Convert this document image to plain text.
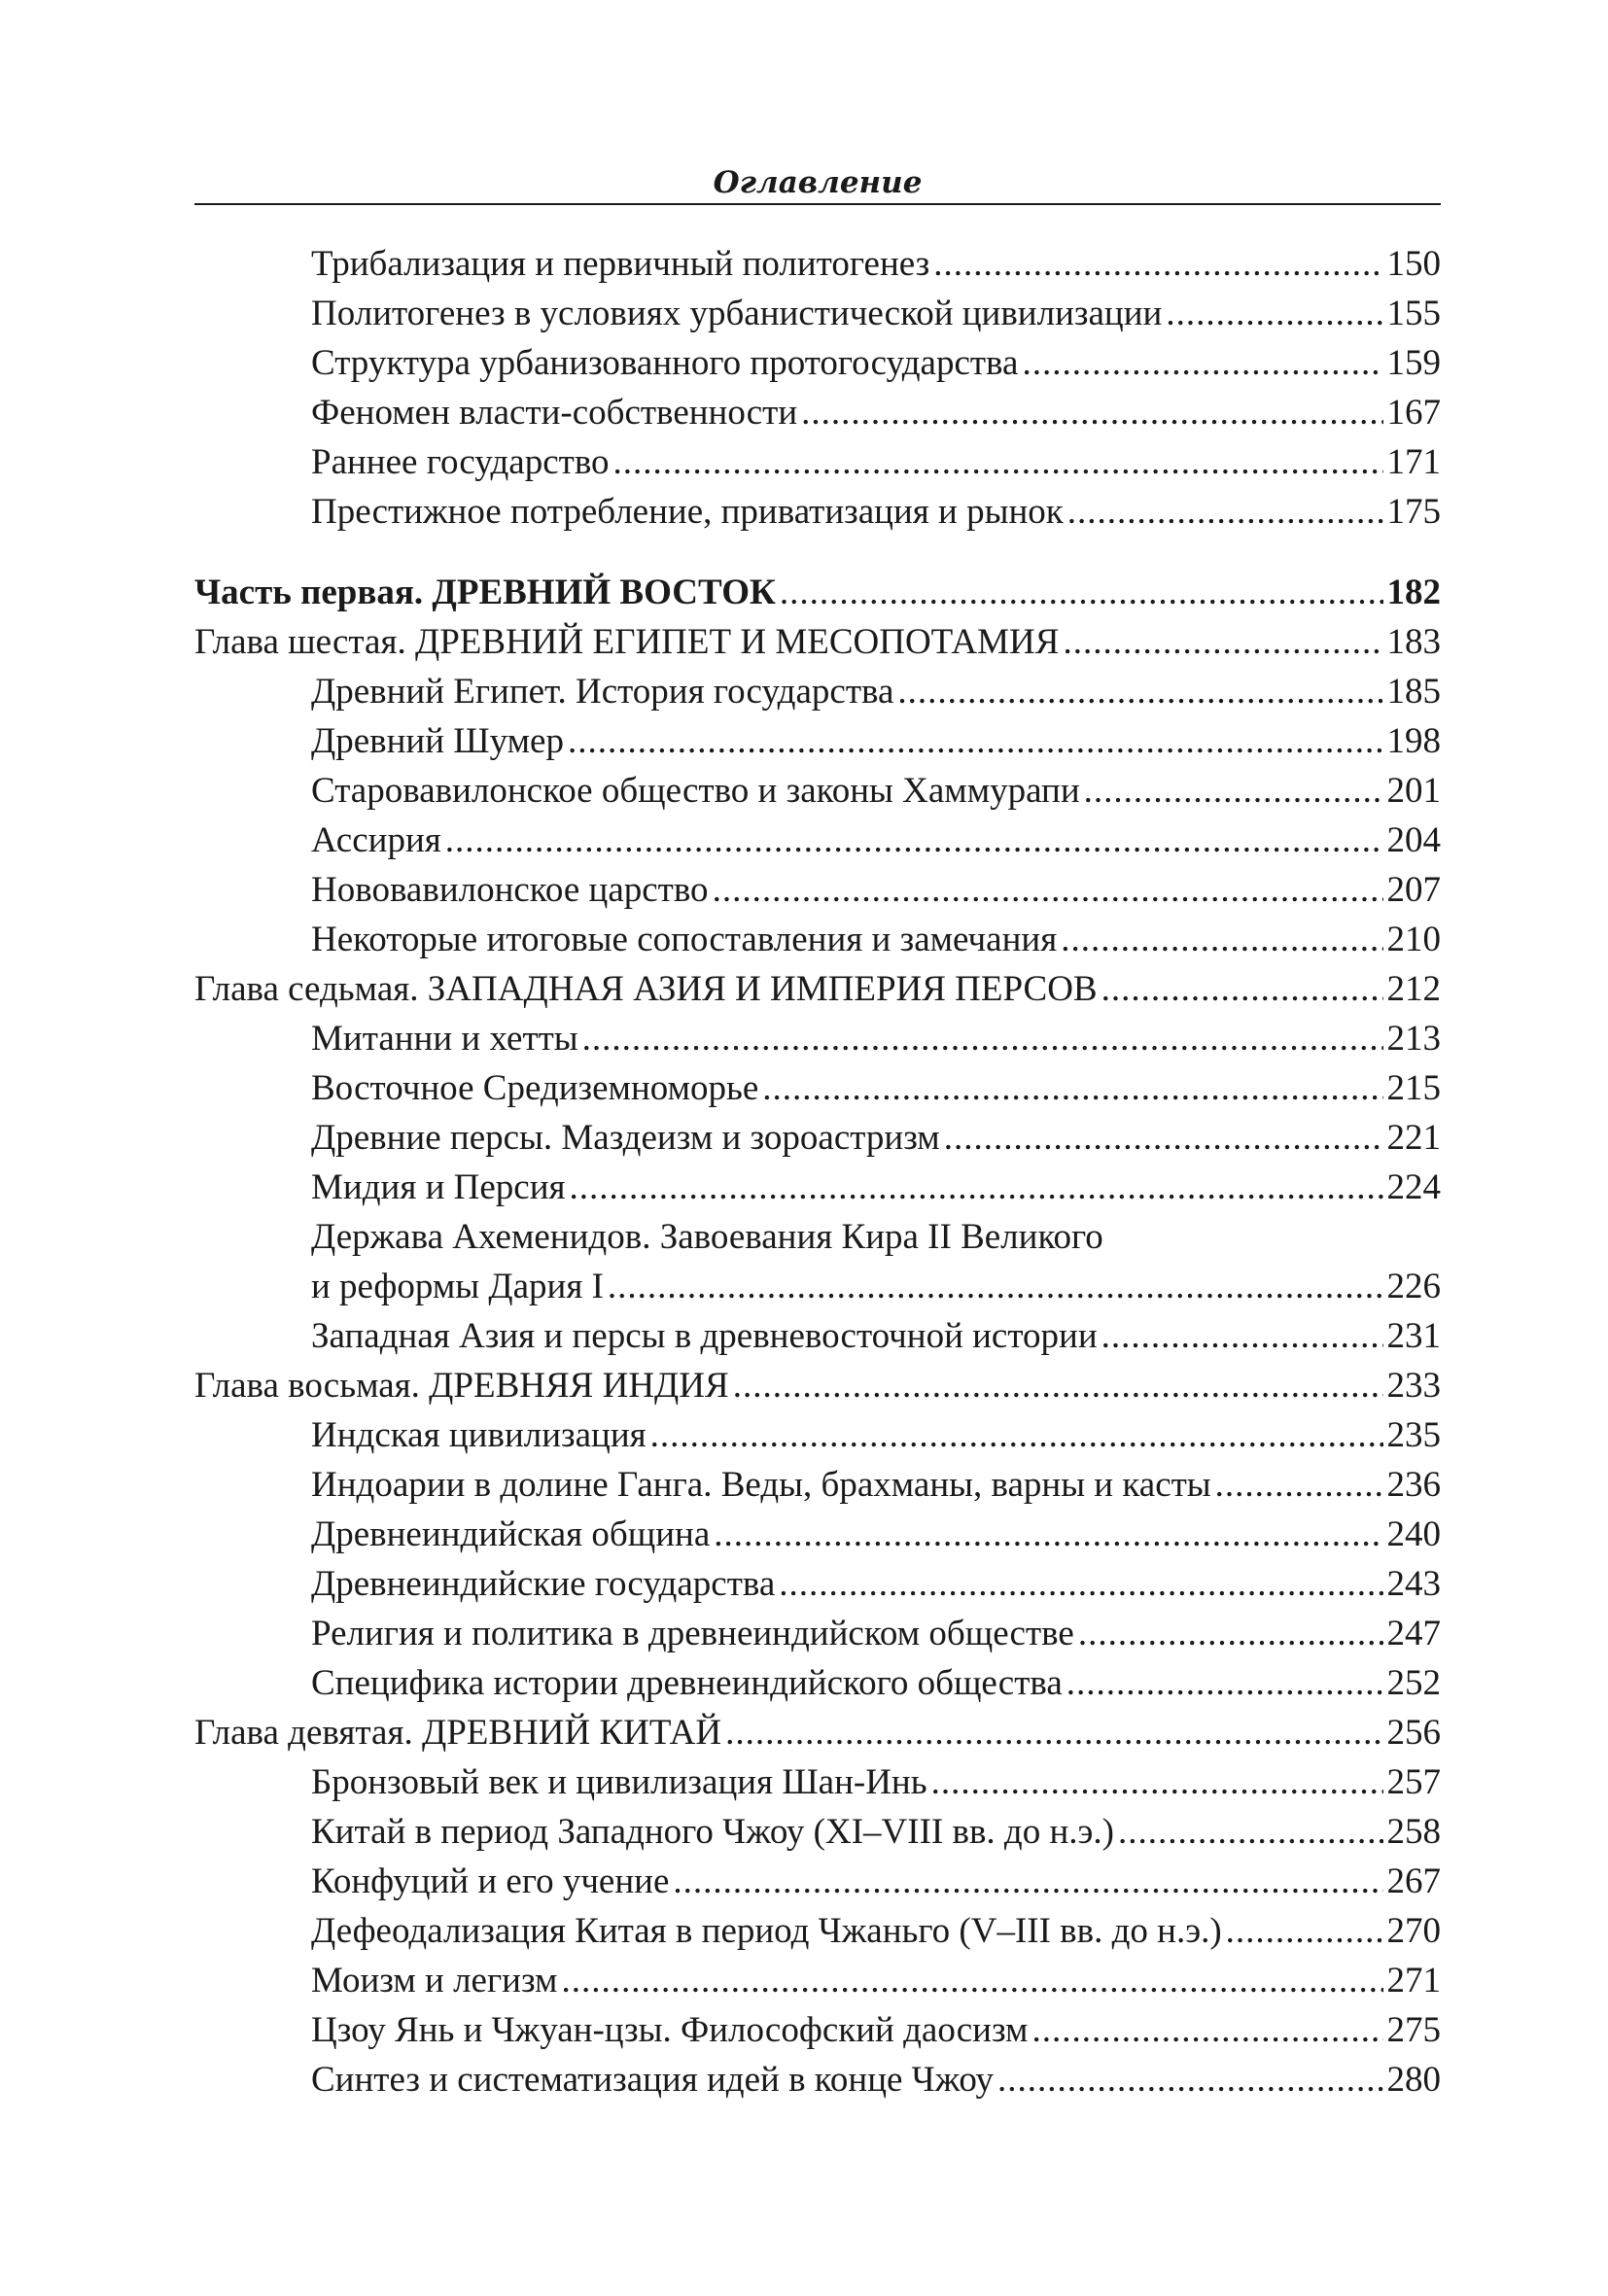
Оглавление
Трибализация и первичный политогенез .....	150
Политогенез в условиях урбанистической цивилизации .....	155
Структура урбанизованного протогосударства .....	159
Феномен власти-собственности .....	167
Раннее государство .....	171
Престижное потребление, приватизация и рынок .....	175
Часть первая. ДРЕВНИЙ ВОСТОК .....	182
Глава шестая. ДРЕВНИЙ ЕГИПЕТ И МЕСОПОТАМИЯ .....	183
Древний Египет. История государства .....	185
Древний Шумер .....	198
Старовавилонское общество и законы Хаммурапи .....	201
Ассирия .....	204
Нововавилонское царство .....	207
Некоторые итоговые сопоставления и замечания .....	210
Глава седьмая. ЗАПАДНАЯ АЗИЯ И ИМПЕРИЯ ПЕРСОВ .....	212
Митанни и хетты .....	213
Восточное Средиземноморье .....	215
Древние персы. Маздеизм и зороастризм .....	221
Мидия и Персия .....	224
Держава Ахеменидов. Завоевания Кира II Великого
и реформы Дария I .....	226
Западная Азия и персы в древневосточной истории .....	231
Глава восьмая. ДРЕВНЯЯ ИНДИЯ .....	233
Индская цивилизация .....	235
Индоарии в долине Ганга. Веды, брахманы, варны и касты .....	236
Древнеиндийская община .....	240
Древнеиндийские государства .....	243
Религия и политика в древнеиндийском обществе .....	247
Специфика истории древнеиндийского общества .....	252
Глава девятая. ДРЕВНИЙ КИТАЙ .....	256
Бронзовый век и цивилизация Шан-Инь .....	257
Китай в период Западного Чжоу (XI–VIII вв. до н.э.) .....	258
Конфуций и его учение .....	267
Дефеодализация Китая в период Чжаньго (V–III вв. до н.э.) .....	270
Моизм и легизм .....	271
Цзоу Янь и Чжуан-цзы. Философский даосизм .....	275
Синтез и систематизация идей в конце Чжоу .....	280
